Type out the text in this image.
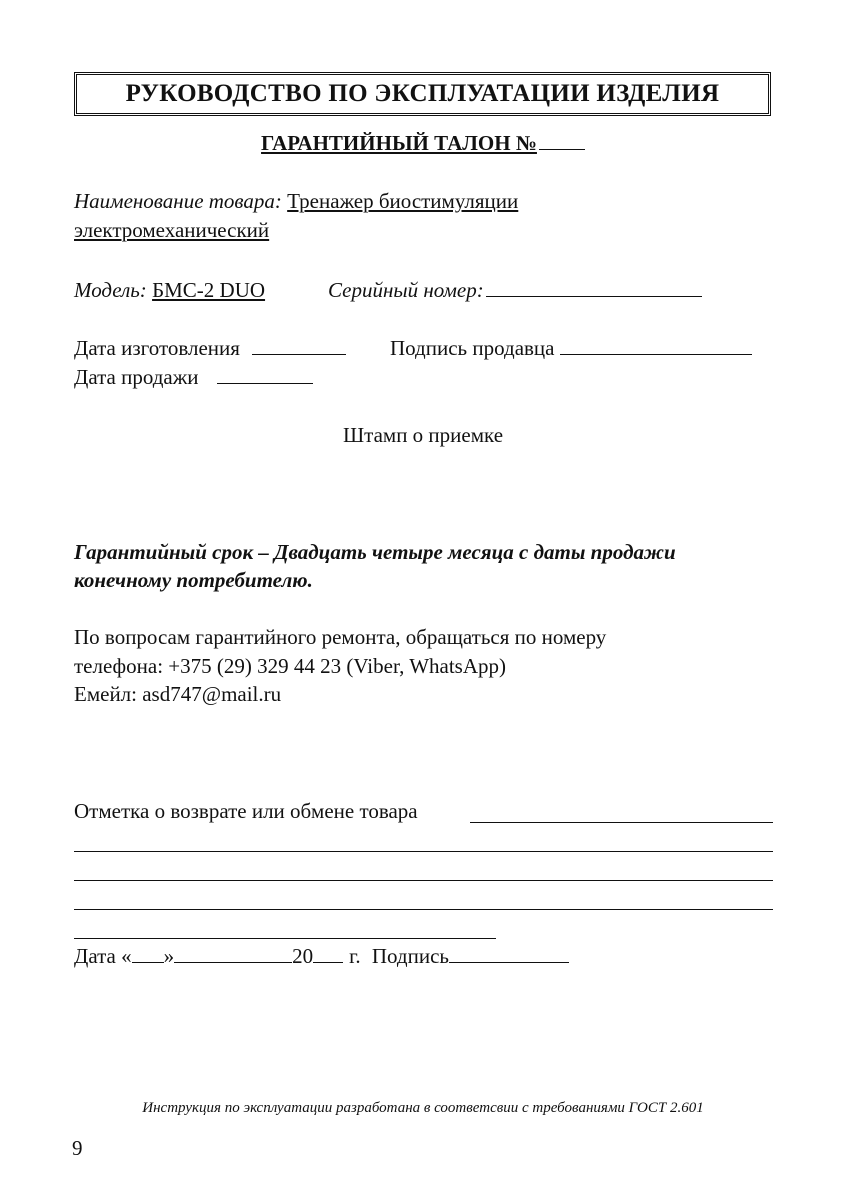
РУКОВОДСТВО ПО ЭКСПЛУАТАЦИИ ИЗДЕЛИЯ
ГАРАНТИЙНЫЙ ТАЛОН №
Наименование товара: Тренажер биостимуляции
электромеханический
Модель: БМС-2 DUO	Серийный номер:
Дата изготовления	Подпись продавца
Дата продажи
Штамп о приемке
Гарантийный срок – Двадцать четыре месяца с даты продажи
конечному потребителю.
По вопросам гарантийного ремонта, обращаться по номеру
телефона: +375 (29) 329 44 23 (Viber, WhatsApp)
Емейл: asd747@mail.ru
Отметка о возврате или обмене товара
Дата « »	20 г. Подпись
Инструкция по эксплуатации разработана в соответсвии с требованиями ГОСТ 2.601
9
